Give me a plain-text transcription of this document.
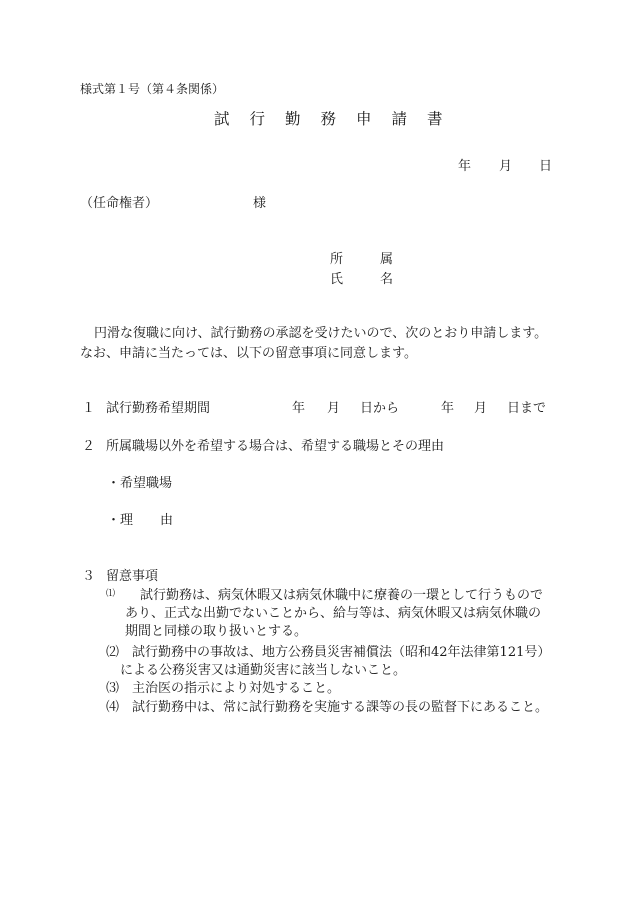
様式第１号（第４条関係）
試行勤務申請書
年 月 日
（任命権者）	様
所	属
氏	名
円滑な復職に向け、試行勤務の承認を受けたいので、次のとおり申請します。
なお、申請に当たっては、以下の留意事項に同意します。
１ 試行勤務希望期間	年 月 日から	年 月 日まで
２ 所属職場以外を希望する場合は、希望する職場とその理由
・希望職場
・理 由
３ 留意事項
⑴ 試行勤務は、病気休暇又は病気休職中に療養の一環として行うもので
あり、正式な出勤でないことから、給与等は、病気休暇又は病気休職の
期間と同様の取り扱いとする。
⑵ 試行勤務中の事故は、地方公務員災害補償法（昭和42年法律第121号）
による公務災害又は通勤災害に該当しないこと。
⑶ 主治医の指示により対処すること。
⑷ 試行勤務中は、常に試行勤務を実施する課等の長の監督下にあること。
